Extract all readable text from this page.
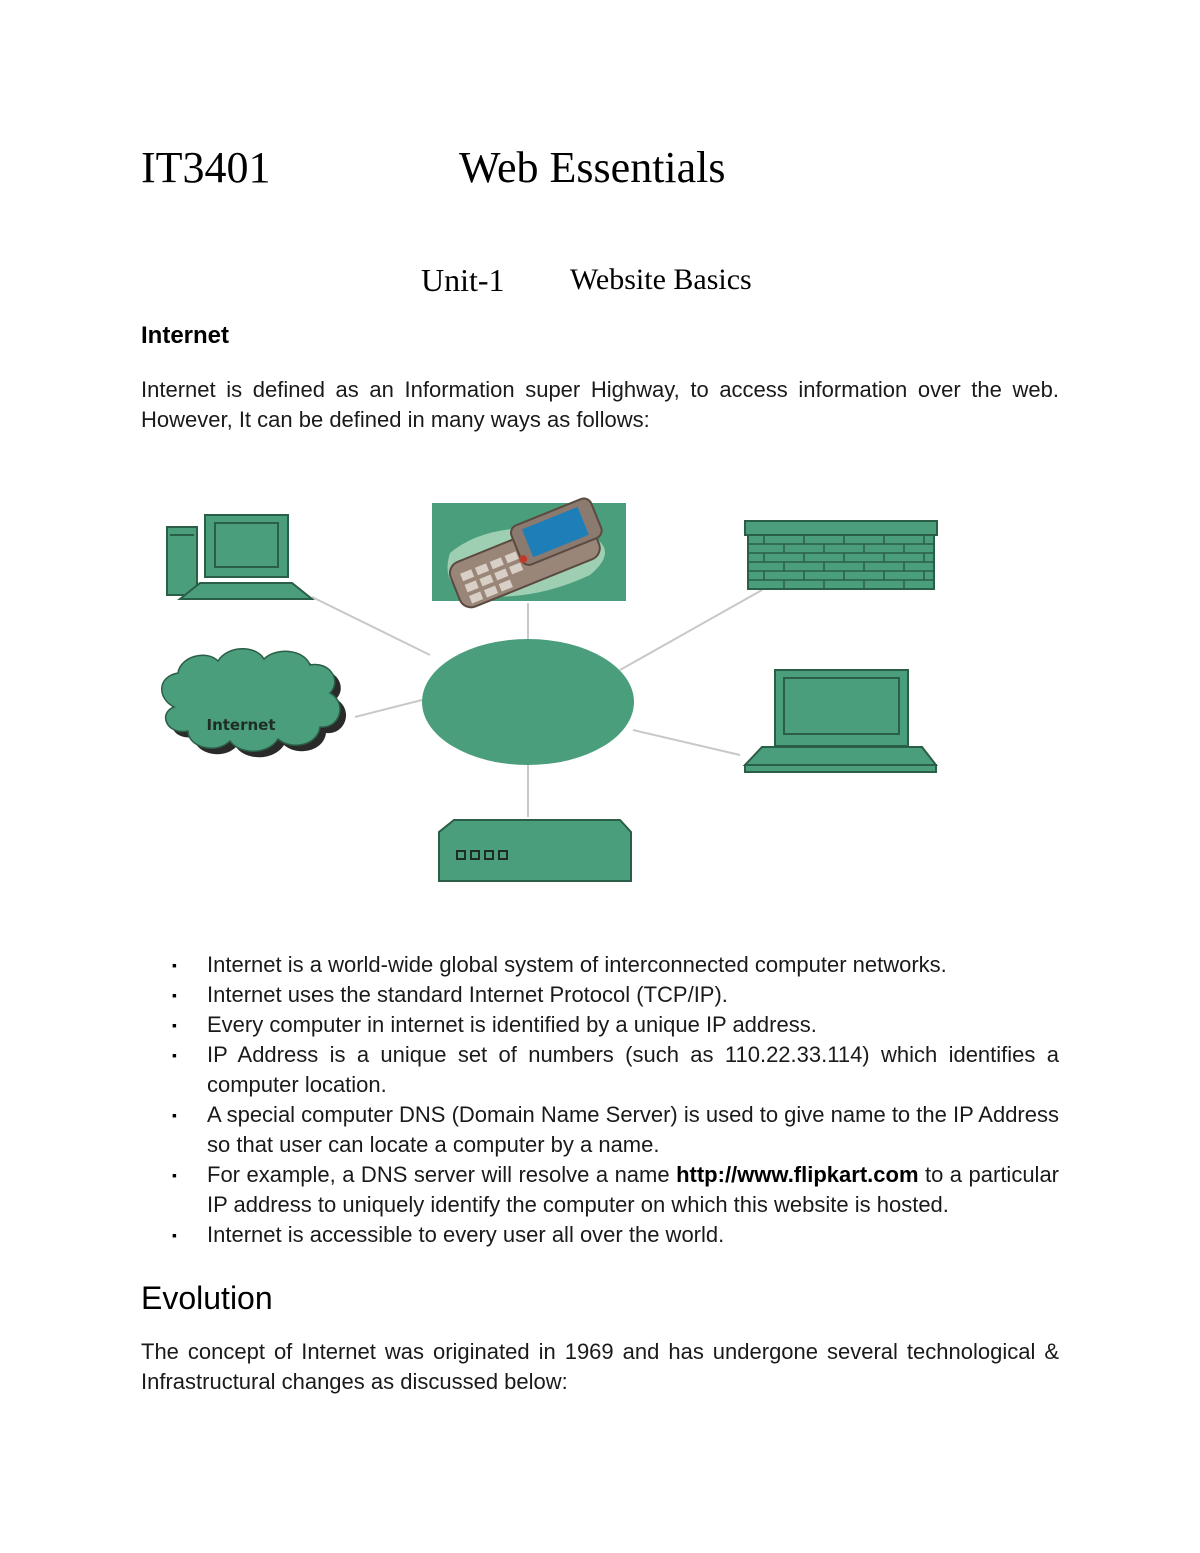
IT3401	Web Essentials
Unit-1 Website Basics
Internet

Internet is defined as an Information super Highway, to access information over the web. However, It can be defined in many ways as follows:

Internet
▪ Internet is a world-wide global system of interconnected computer networks.
▪ Internet uses the standard Internet Protocol (TCP/IP).
▪ Every computer in internet is identified by a unique IP address.
▪ IP Address is a unique set of numbers (such as 110.22.33.114) which identifies a computer location.
▪ A special computer DNS (Domain Name Server) is used to give name to the IP Address so that user can locate a computer by a name.
▪ For example, a DNS server will resolve a name http://www.flipkart.com to a particular IP address to uniquely identify the computer on which this website is hosted.
▪ Internet is accessible to every user all over the world.
Evolution

The concept of Internet was originated in 1969 and has undergone several technological & Infrastructural changes as discussed below:
